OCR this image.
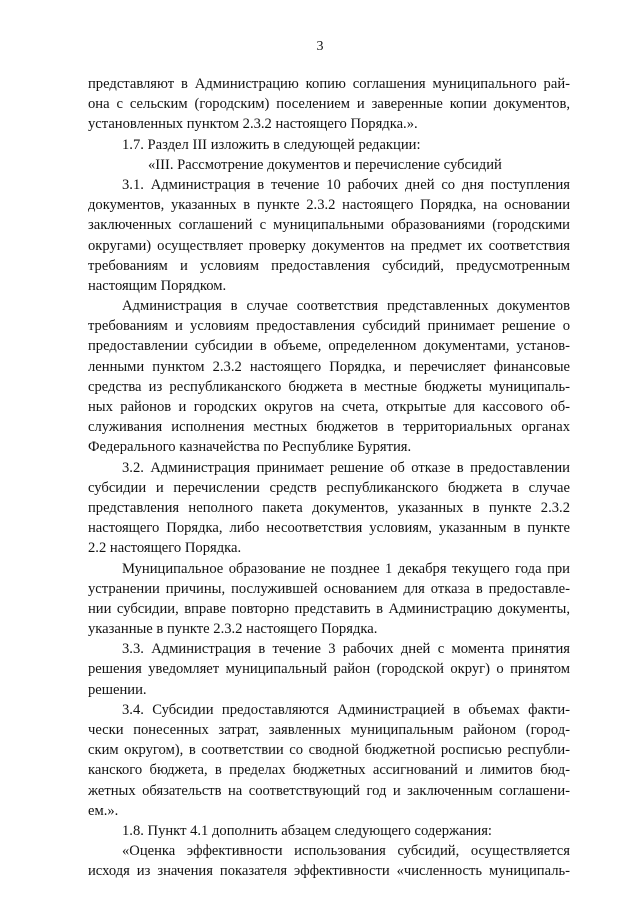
3
представляют в Администрацию копию соглашения муниципального рай-
она с сельским (городским) поселением и заверенные копии документов,
установленных пунктом 2.3.2 настоящего Порядка.».
1.7. Раздел III изложить в следующей редакции:
«III. Рассмотрение документов и перечисление субсидий
3.1. Администрация в течение 10 рабочих дней со дня поступления
документов, указанных в пункте 2.3.2 настоящего Порядка, на основании
заключенных соглашений с муниципальными образованиями (городскими
округами) осуществляет проверку документов на предмет их соответствия
требованиям и условиям предоставления субсидий, предусмотренным
настоящим Порядком.
Администрация в случае соответствия представленных документов
требованиям и условиям предоставления субсидий принимает решение о
предоставлении субсидии в объеме, определенном документами, установ-
ленными пунктом 2.3.2 настоящего Порядка, и перечисляет финансовые
средства из республиканского бюджета в местные бюджеты муниципаль-
ных районов и городских округов на счета, открытые для кассового об-
служивания исполнения местных бюджетов в территориальных органах
Федерального казначейства по Республике Бурятия.
3.2. Администрация принимает решение об отказе в предоставлении
субсидии и перечислении средств республиканского бюджета в случае
представления неполного пакета документов, указанных в пункте 2.3.2
настоящего Порядка, либо несоответствия условиям, указанным в пункте
2.2 настоящего Порядка.
Муниципальное образование не позднее 1 декабря текущего года при
устранении причины, послужившей основанием для отказа в предоставле-
нии субсидии, вправе повторно представить в Администрацию документы,
указанные в пункте 2.3.2 настоящего Порядка.
3.3. Администрация в течение 3 рабочих дней с момента принятия
решения уведомляет муниципальный район (городской округ) о принятом
решении.
3.4. Субсидии предоставляются Администрацией в объемах факти-
чески понесенных затрат, заявленных муниципальным районом (город-
ским округом), в соответствии со сводной бюджетной росписью республи-
канского бюджета, в пределах бюджетных ассигнований и лимитов бюд-
жетных обязательств на соответствующий год и заключенным соглашени-
ем.».
1.8. Пункт 4.1 дополнить абзацем следующего содержания:
«Оценка эффективности использования субсидий, осуществляется
исходя из значения показателя эффективности «численность муниципаль-
